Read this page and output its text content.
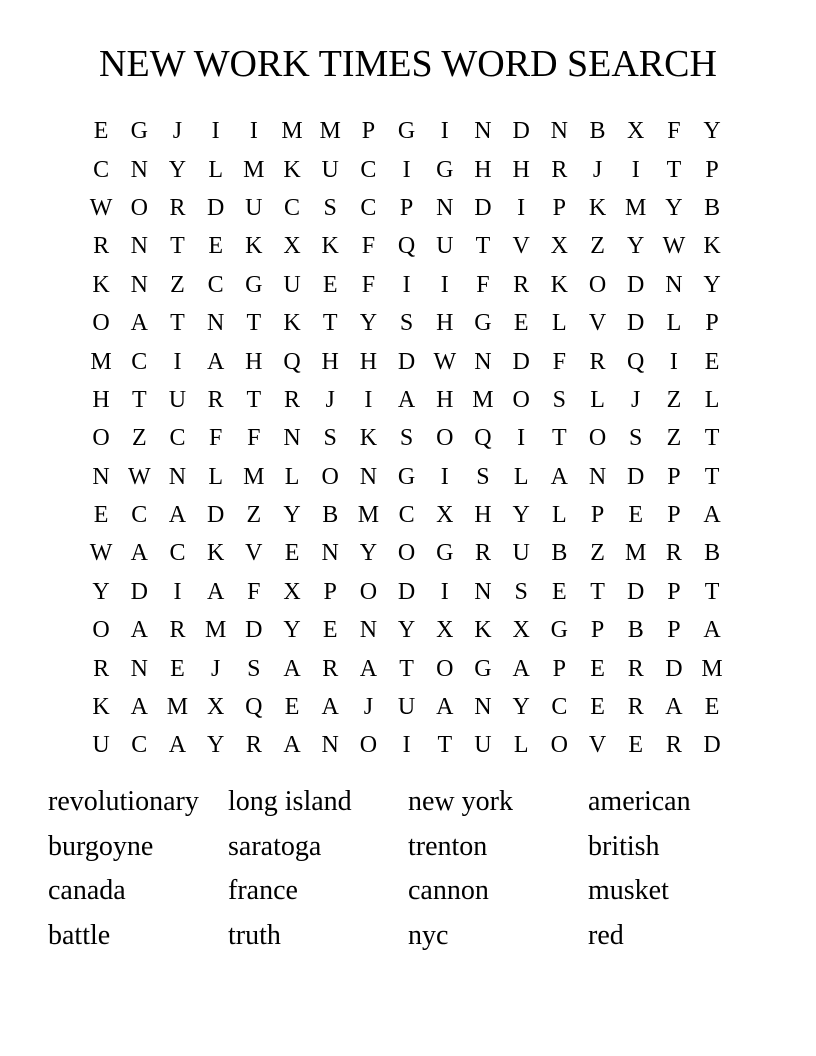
NEW WORK TIMES WORD SEARCH
E G	J	I	I M M P G	I	N D N B X F Y
C N Y L M K U C	I	G H H R	J	I	T	P
W O R D U C S C P N D	I	P K M Y B
R N T E K X K F Q U T V X Z Y W K
K N Z C G U E	F	I	I	F R K O D N Y
O A T N T K T Y S H G E L V D L	P
M C	I	A H Q H H D W N D F R Q	I	E
H T U R T R	J	I	A H M O S	L	J	Z L
O Z C F	F N S K S O Q	I	T O S	Z T
N W N L M L O N G	I	S	L A N D P	T
E C A D Z Y B M C X H Y L	P	E	P A
W A C K V E N Y O G R U B Z M R B
Y D	I	A F X P O D	I	N S	E T D P	T
O A R M D Y E N Y X K X G P B P A
R N E	J	S A R A T O G A P	E R D M
K A M X Q E A	J	U A N Y C E R A E
U C A Y R A N O	I	T U L O V E R D
revolutionary	long island	new york	american
burgoyne	saratoga	trenton	british
canada	france	cannon	musket
battle	truth	nyc	red
